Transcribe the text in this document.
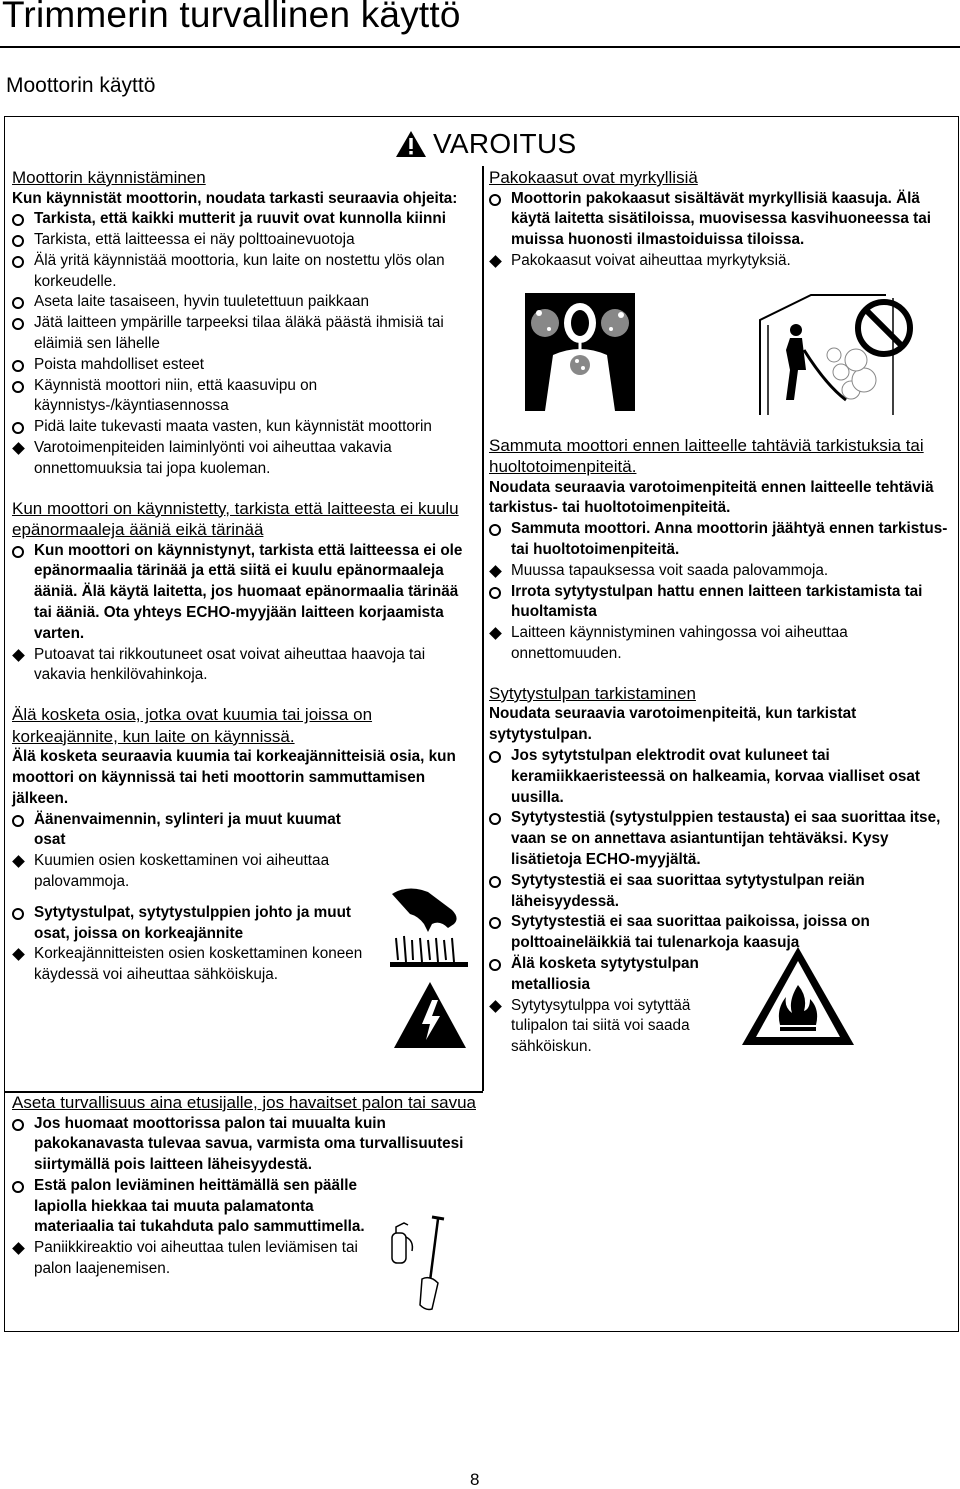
Trimmerin turvallinen käyttö
Moottorin käyttö
VAROITUS
Moottorin käynnistäminen
Kun käynnistät moottorin, noudata tarkasti seuraavia ohjeita:
Tarkista, että kaikki mutterit ja ruuvit ovat kunnolla kiinni
Tarkista, että laitteessa ei näy polttoainevuotoja
Älä yritä käynnistää moottoria, kun laite on nostettu ylös olan korkeudelle.
Aseta laite tasaiseen, hyvin tuuletettuun paikkaan
Jätä laitteen ympärille tarpeeksi tilaa äläkä päästä ihmisiä tai eläimiä sen lähelle
Poista mahdolliset esteet
Käynnistä moottori niin, että kaasuvipu on käynnistys-/käyntiasennossa
Pidä laite tukevasti maata vasten, kun käynnistät moottorin
Varotoimenpiteiden laiminlyönti voi aiheuttaa vakavia onnettomuuksia tai jopa kuoleman.
Kun moottori on käynnistetty, tarkista että laitteesta ei kuulu epänormaaleja ääniä eikä tärinää
Kun moottori on käynnistynyt, tarkista että laitteessa ei ole epänormaalia tärinää ja että siitä ei kuulu epänormaaleja ääniä. Älä käytä laitetta, jos huomaat epänormaalia tärinää tai ääniä. Ota yhteys ECHO-myyjään laitteen korjaamista varten.
Putoavat tai rikkoutuneet osat voivat aiheuttaa haavoja tai vakavia henkilövahinkoja.
Älä kosketa osia, jotka ovat kuumia tai joissa on korkeajännite, kun laite on käynnissä.
Älä kosketa seuraavia kuumia tai korkeajännitteisiä osia, kun moottori on käynnissä tai heti moottorin sammuttamisen jälkeen.
Äänenvaimennin, sylinteri ja muut kuumat osat
Kuumien osien koskettaminen voi aiheuttaa palovammoja.
Sytytystulpat, sytytystulppien johto ja muut osat, joissa on korkeajännite
Korkeajännitteisten osien koskettaminen koneen käydessä voi aiheuttaa sähköiskuja.
Aseta turvallisuus aina etusijalle, jos havaitset palon tai savua
Jos huomaat moottorissa palon tai muualta kuin pakokanavasta tulevaa savua, varmista oma turvallisuutesi siirtymällä pois laitteen läheisyydestä.
Estä palon leviäminen heittämällä sen päälle lapiolla hiekkaa tai muuta palamatonta materiaalia tai tukahduta palo sammuttimella.
Paniikkireaktio voi aiheuttaa tulen leviämisen tai palon laajenemisen.
Pakokaasut ovat myrkyllisiä
Moottorin pakokaasut sisältävät myrkyllisiä kaasuja. Älä käytä laitetta sisätiloissa, muovisessa kasvihuoneessa tai muissa huonosti ilmastoiduissa tiloissa.
Pakokaasut voivat aiheuttaa myrkytyksiä.
Sammuta moottori ennen laitteelle tahtäviä tarkistuksia tai huoltotoimenpiteitä.
Noudata seuraavia varotoimenpiteitä ennen laitteelle tehtäviä tarkistus- tai huoltotoimenpiteitä.
Sammuta moottori. Anna moottorin jäähtyä ennen tarkistus- tai huoltotoimenpiteitä.
Muussa tapauksessa voit saada palovammoja.
Irrota sytytystulpan hattu ennen laitteen tarkistamista tai huoltamista
Laitteen käynnistyminen vahingossa voi aiheuttaa onnettomuuden.
Sytytystulpan tarkistaminen
Noudata seuraavia varotoimenpiteitä, kun tarkistat sytytystulpan.
Jos sytytstulpan elektrodit ovat kuluneet tai keramiikkaeristeessä on halkeamia, korvaa vialliset osat uusilla.
Sytytystestiä (sytystulppien testausta) ei saa suorittaa itse, vaan se on annettava asiantuntijan tehtäväksi. Kysy lisätietoja ECHO-myyjältä.
Sytytystestiä ei saa suorittaa sytytystulpan reiän läheisyydessä.
Sytytystestiä ei saa suorittaa paikoissa, joissa on polttoaineläikkiä tai tulenarkoja kaasuja
Älä kosketa sytytystulpan metalliosia
Sytytysytulppa voi sytyttää tulipalon tai siitä voi saada sähköiskun.
8
